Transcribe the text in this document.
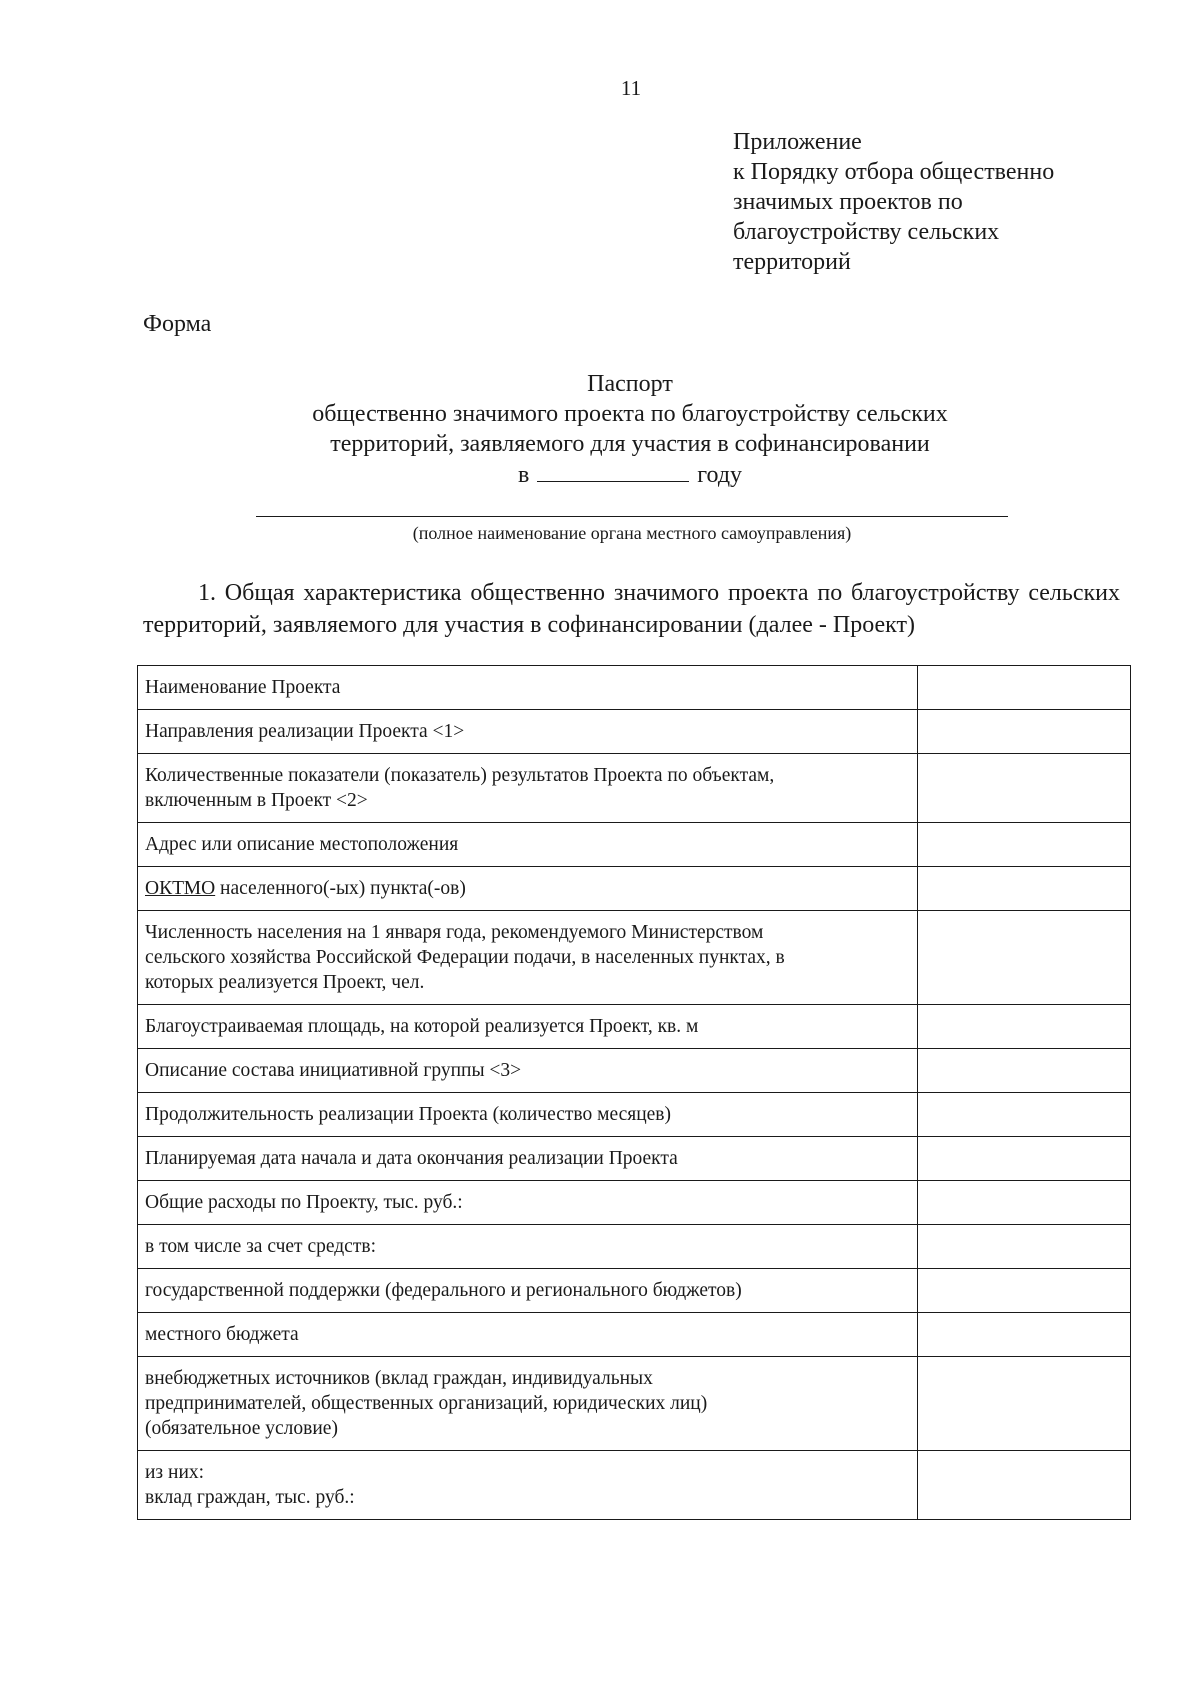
11
Приложение
к Порядку отбора общественно
значимых проектов по
благоустройству сельских
территорий
Форма
Паспорт
общественно значимого проекта по благоустройству сельских
территорий, заявляемого для участия в софинансировании
в	году
(полное наименование органа местного самоуправления)
1. Общая характеристика общественно значимого проекта по благоустройству сельских территорий, заявляемого для участия в софинансировании (далее - Проект)
Наименование Проекта	

Направления реализации Проекта <1>	

Количественные показатели (показатель) результатов Проекта по объектам,
включенным в Проект <2>	

Адрес или описание местоположения	

ОКТМО населенного(-ых) пункта(-ов)	

Численность населения на 1 января года, рекомендуемого Министерством
сельского хозяйства Российской Федерации подачи, в населенных пунктах, в
которых реализуется Проект, чел.	

Благоустраиваемая площадь, на которой реализуется Проект, кв. м	

Описание состава инициативной группы <3>	

Продолжительность реализации Проекта (количество месяцев)	

Планируемая дата начала и дата окончания реализации Проекта	

Общие расходы по Проекту, тыс. руб.:	

в том числе за счет средств:	

государственной поддержки (федерального и регионального бюджетов)	

местного бюджета	

внебюджетных источников (вклад граждан, индивидуальных
предпринимателей, общественных организаций, юридических лиц)
(обязательное условие)	

из них:
вклад граждан, тыс. руб.:	
